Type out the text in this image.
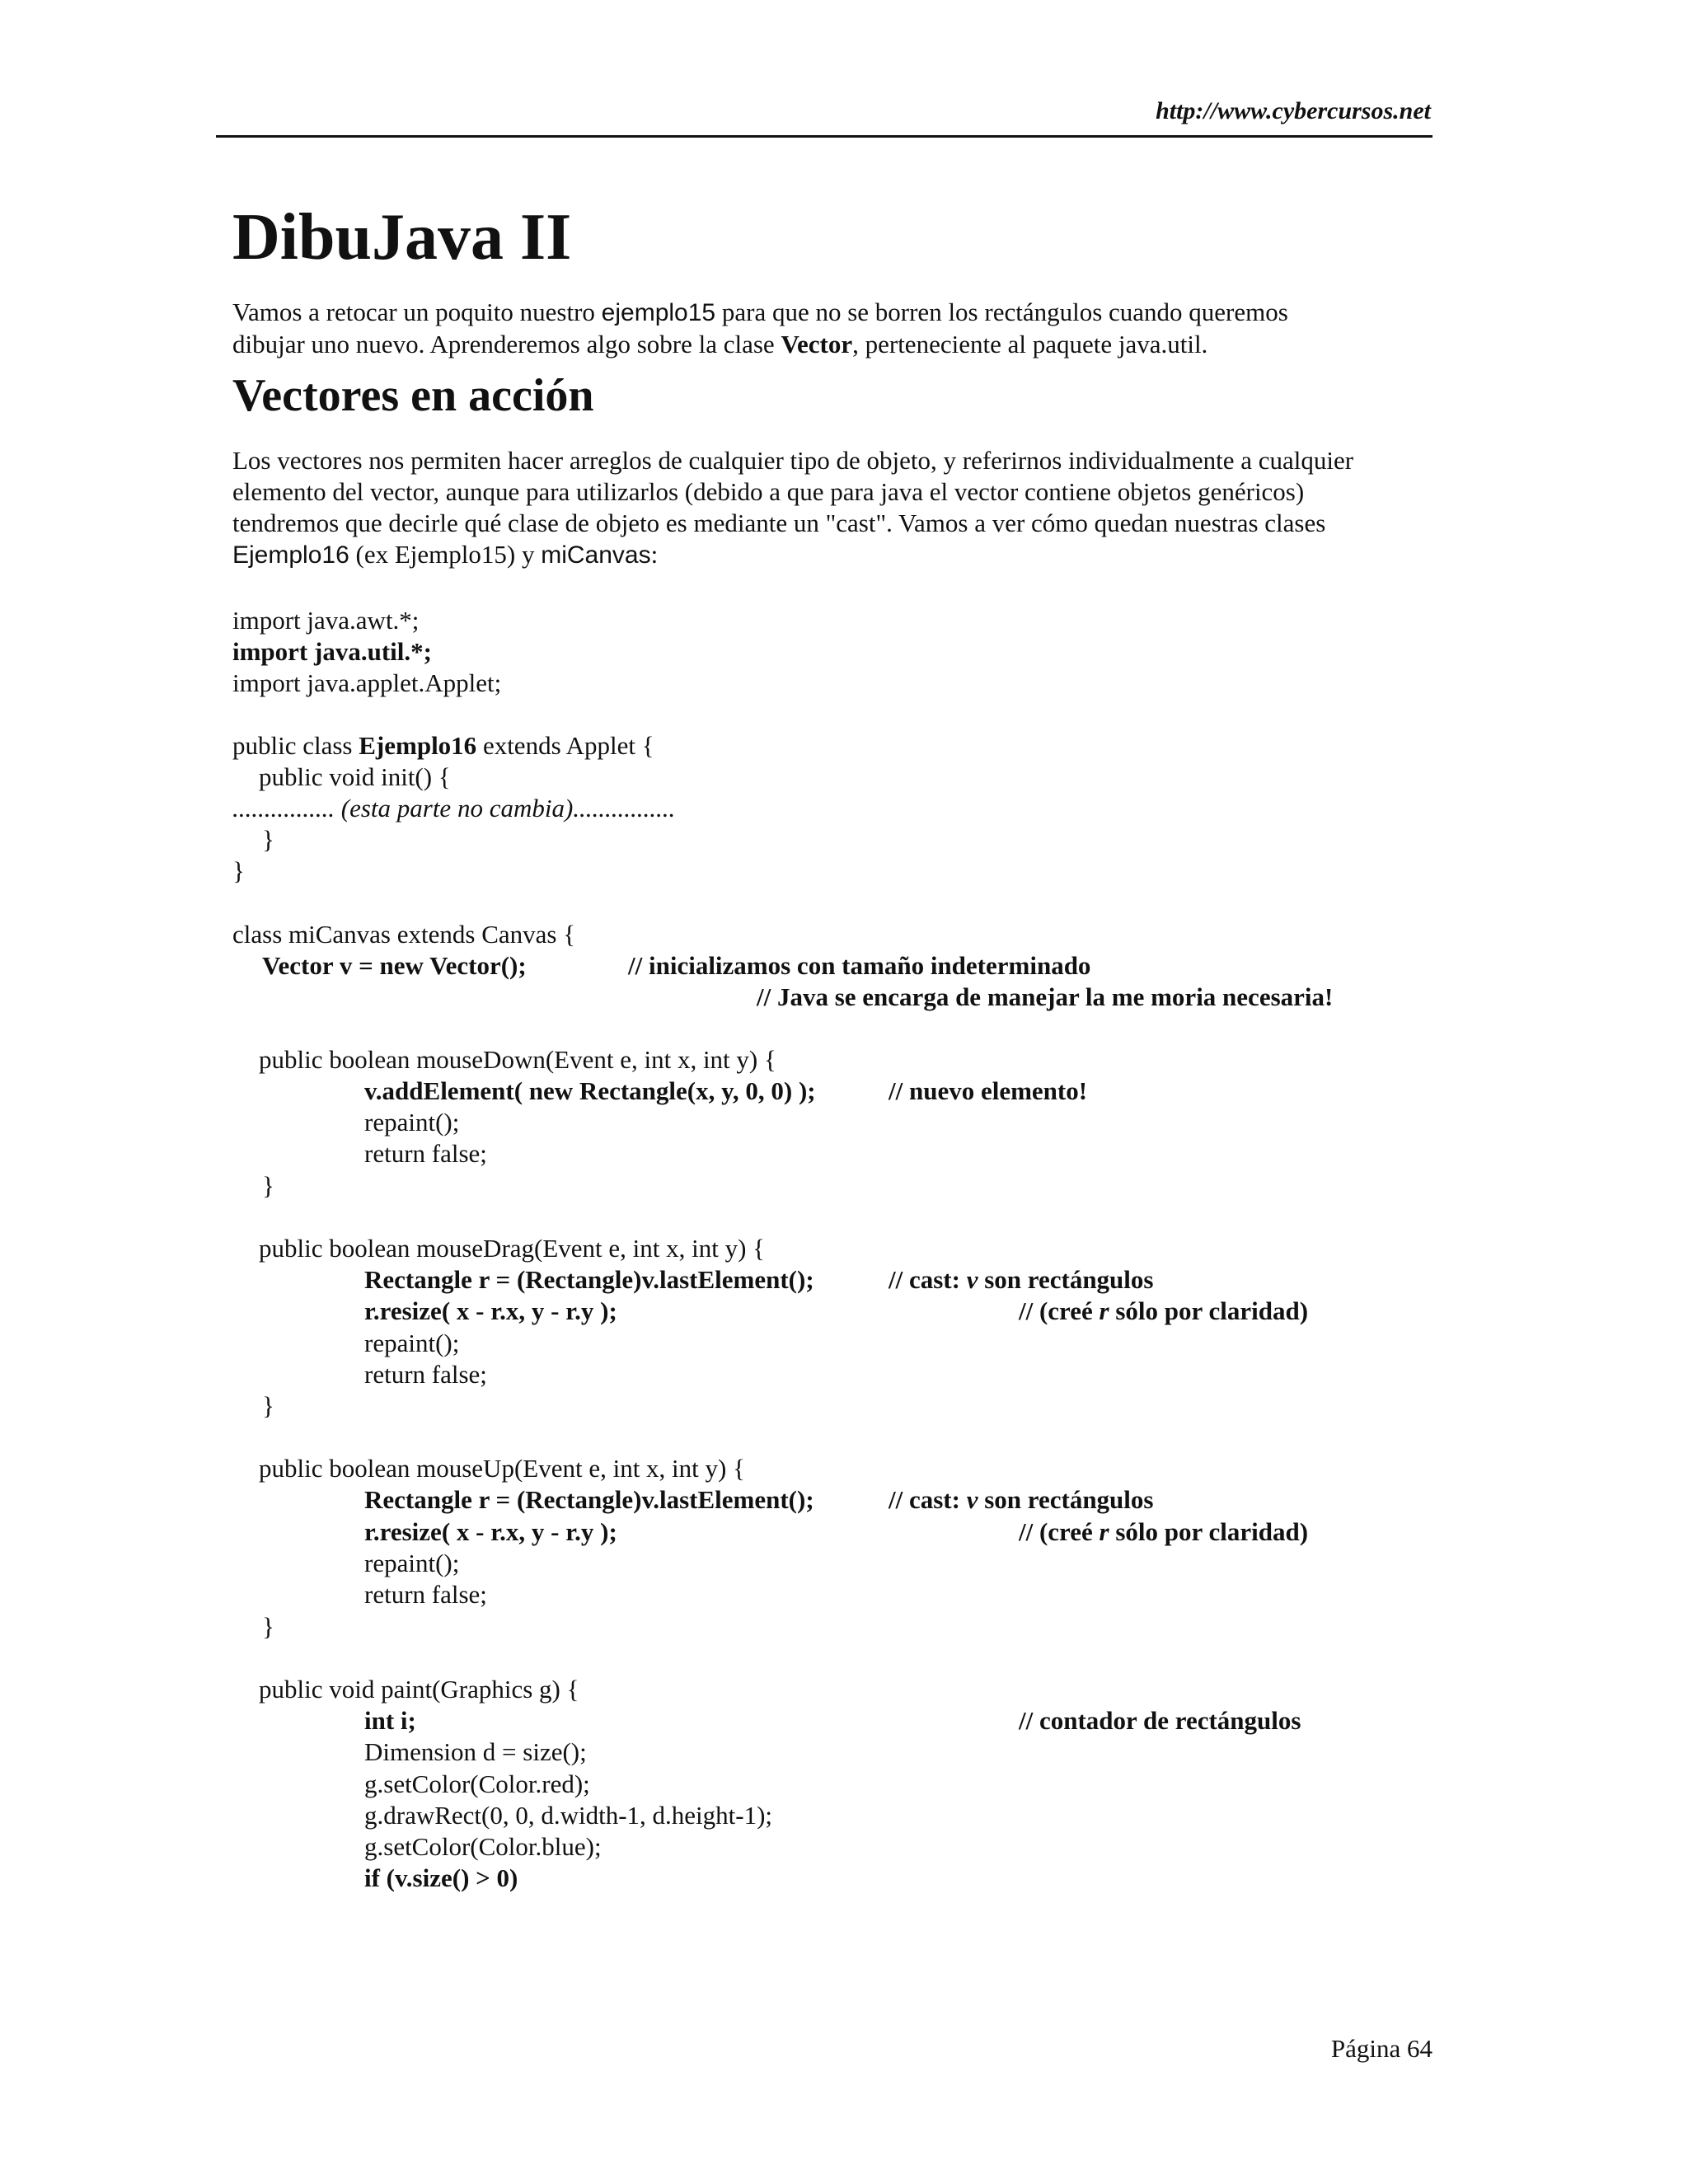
http://www.cybercursos.net
DibuJava II
Vamos a retocar un poquito nuestro ejemplo15 para que no se borren los rectángulos cuando queremos
dibujar uno nuevo. Aprenderemos algo sobre la clase Vector, perteneciente al paquete java.util.
Vectores en acción
Los vectores nos permiten hacer arreglos de cualquier tipo de objeto, y referirnos individualmente a cualquier
elemento del vector, aunque para utilizarlos (debido a que para java el vector contiene objetos genéricos)
tendremos que decirle qué clase de objeto es mediante un "cast". Vamos a ver cómo quedan nuestras clases
Ejemplo16 (ex Ejemplo15) y miCanvas:
import java.awt.*;
import java.util.*;
import java.applet.Applet;
public class Ejemplo16 extends Applet {
public void init() {
................ (esta parte no cambia)................
}
}
class miCanvas extends Canvas {
Vector v = new Vector();	// inicializamos con tamaño indeterminado
// Java se encarga de manejar la me moria necesaria!
public boolean mouseDown(Event e, int x, int y) {
v.addElement( new Rectangle(x, y, 0, 0) );	// nuevo elemento!
repaint();
return false;
}
public boolean mouseDrag(Event e, int x, int y) {
Rectangle r = (Rectangle)v.lastElement();	// cast: v son rectángulos
r.resize( x - r.x, y - r.y );	// (creé r sólo por claridad)
repaint();
return false;
}
public boolean mouseUp(Event e, int x, int y) {
Rectangle r = (Rectangle)v.lastElement();	// cast: v son rectángulos
r.resize( x - r.x, y - r.y );	// (creé r sólo por claridad)
repaint();
return false;
}
public void paint(Graphics g) {
int i;	// contador de rectángulos
Dimension d = size();
g.setColor(Color.red);
g.drawRect(0, 0, d.width-1, d.height-1);
g.setColor(Color.blue);
if (v.size() > 0)
Página 64
